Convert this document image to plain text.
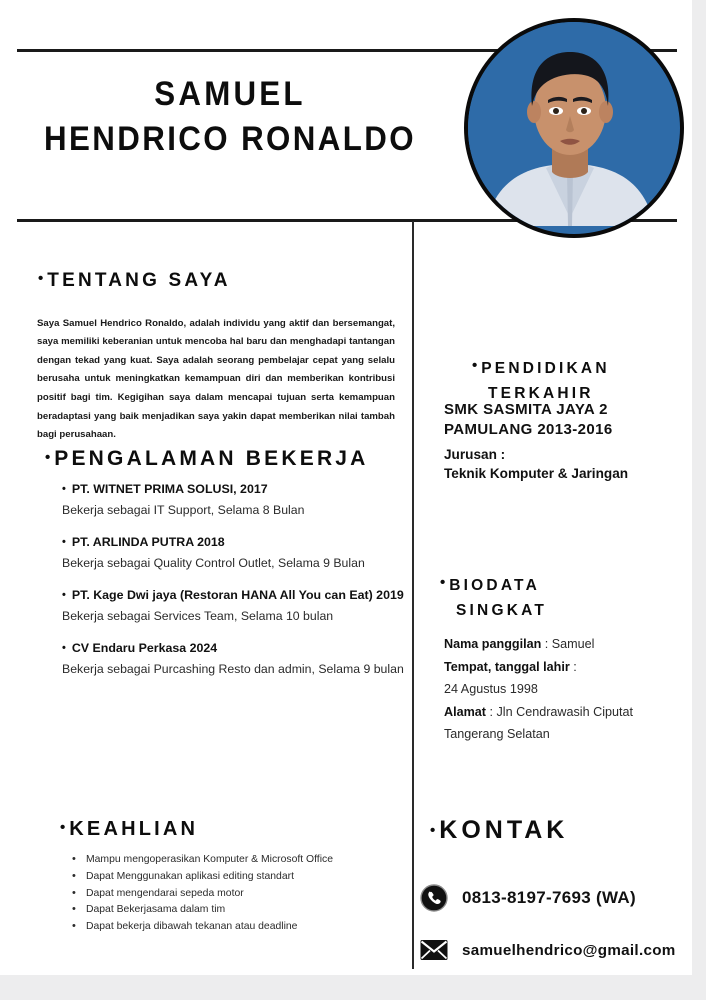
SAMUEL
HENDRICO RONALDO
• TENTANG SAYA

Saya Samuel Hendrico Ronaldo, adalah individu yang aktif dan bersemangat, saya memiliki keberanian untuk mencoba hal baru dan menghadapi tantangan dengan tekad yang kuat. Saya adalah seorang pembelajar cepat yang selalu berusaha untuk meningkatkan kemampuan diri dan memberikan kontribusi positif bagi tim. Kegigihan saya dalam mencapai tujuan serta kemampuan beradaptasi yang baik menjadikan saya yakin dapat memberikan nilai tambah bagi perusahaan.

• PENGALAMAN BEKERJA

• PT. WITNET PRIMA SOLUSI, 2017

Bekerja sebagai IT Support, Selama 8 Bulan

• PT. ARLINDA PUTRA 2018

Bekerja sebagai Quality Control Outlet, Selama 9 Bulan

• PT. Kage Dwi jaya (Restoran HANA All You can Eat) 2019

Bekerja sebagai Services Team, Selama 10 bulan

• CV Endaru Perkasa 2024

Bekerja sebagai Purcashing Resto dan admin, Selama 9 bulan

• KEAHLIAN
• Mampu mengoperasikan Komputer & Microsoft Office
• Dapat Menggunakan aplikasi editing standart
• Dapat mengendarai sepeda motor
• Dapat Bekerjasama dalam tim
• Dapat bekerja dibawah tekanan atau deadline
• PENDIDIKAN
TERKAHIR
SMK SASMITA JAYA 2 PAMULANG 2013-2016
Jurusan :
Teknik Komputer & Jaringan
• BIODATA
SINGKAT
Nama panggilan : Samuel
Tempat, tanggal lahir :
24 Agustus 1998
Alamat : Jln Cendrawasih Ciputat
Tangerang Selatan
• KONTAK
0813-8197-7693 (WA)
samuelhendrico@gmail.com
